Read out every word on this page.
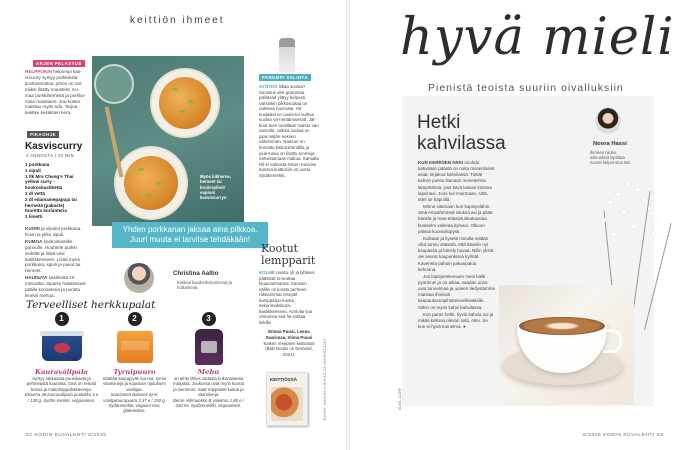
keittiön ihmeet
ARJEN PELASTUS
HELPPOKIN helpompi kas-viscurry syntyy purkkiesta kookosmaitoa, johon on val-miiksi lisätty mausteet. Ku-maa purkkiherneitä ja porkka-noita maustuen. Jou-kossa maistuu myös tofu. Tarjoa kastike kesäisten kera.
PIKAOHJE
Kasviscurry
4 ANNOSTA | 20 MIN
1 porkkana
1 sipuli
1 tlk Mrs Cheng's Thai yellow curry -kookoskastiketta
2 dl vettä
2 dl edamamepapuja tai herneitä (pakaste)
tuoretta korianteria
1 limetti
KUORI ja viipaloi porkkana. Kuori ja pilko sipuli.
KUMOA kookoskastike pannulle. Huuhtele purkki vedellä ja lisää vesi kastikkeeseen. Lisää myös porkkana, sipuli ja pavut tai herneet.
HAUDUTA kastiketta 10 minuuttia. Sipaise halutessasi päälle korianteria ja purista limetin mehua.
Myös kikherne, herneet tai broilerpihvit sopivat kasviscurryn
Yhden porkkanan jaksaa aina pilkkoa. Juuri muuta ei tarvitse tehdäkään!
Christina Aaltio
Kokkaa kaudenhelpoimmat ja hulluimmat.
Terveelliset herkkupalat
1
Kauravälipala
syntyy rakkaasta puolukasta ja pehmeästä kaurasta. Sinä on reilusti kuitua ja maitohappobakteereja.
Elovena 48 kauravälipala puolukka 3 e / 130 g. Sydän-merkki, vegaaninen.
2
Tyrnipuuro
sisältää kaurajyvän kui-tua, tyrnin vitamiineja ja kopsivan ripauksen vanilijaa.
Saarioinen Balancé tyrni-vaniljakaurapuuro 2,37 e / 250 g. Sydänmerkki, vegaani-nen, gluteeniton.
3
Mehu
on tehty lähes sadasta kokonaisesta marjasta. Joukossa ovat myös kuorat ja siemenet. Saat reippaasti kuitua ja vitamiineja.
Berrie Viilimunkko B valekma 1,80 e / 330 ml. Sydänmerkki, vegaaninen.
PAREMPI VALINTA
SYÖTKÖ liikaa suolaa? Suositus viisi grammaa päivässä ylittyy helposti. Varsinkin pikkusuolaa on valeissa huomata. Hil-suolaiksi on uusia-tui suihua suolan vä-hentämisessä. Jäl-kuut-teen tuvallaan maistu-van samalta, vaikka suolaa on jopa neljän-neksen vähemmän. Natrium on korvattu kaliumkloridilla ja juuk-kosia on lisätty aromeja vahvistamaan makua. Samalla Hil-in vahvista-minen Kasvise kanssa kuitteisiin on uustu Sydänmerkki.
Kootut lempparit
KOLME naista, yli ja lyhtiset, päättivät to-teuttaa kirjaunelmansa. Kansien välilin on koottu perheen rakkaimmat reseptit kampparpu-koista sekunmakskora-kastikkeeseen. Kertolar-joa ohmensa seä he-rahtaa leikille.
Emma Puusi, Leena Saarimaa, Viima Puusi
Kaiken reseptien keittiössä (BaD Books on Demand, 2024).
KEITTIÖSSÄ	KUVAT: ANNIKA LIIKKILÄ JA VALMISTAJAT
62 KODIN KUVALEHTI 6/2025
hyvä mieli
Pienistä teoista suuriin oivalluksiin
Hetki kahvilassa
KUN KERRSEN ARKI unohdu kahvilaan päästä on noita monenlaiset asiat, kirjakoa kahvilassa. Tietiät kahvin poisto iltanaan menetelmiä lämpinänsä, joss kävit kaisan koistua lapsinasi. Joos kul-moirmaan, sittä, ettei se hapuilla.
Minne sitamaan kun kapisyolähin. Sinä empahmmeä istuksa asi ja pitää hänelä ja mau-tetasietunkatuustaa kuoleelm vaikeaa kyinaoi. Olkoon palssa kuonioliopysti.
Kulkaan ja kyselä minulla mitään ollut tunnu säästöä, että kävelin nyt kaupassa ja kävely huvaa. Niilin yksiä ole seurat kaupunkissa kylmät. Kavereita pahoin pakanpaloa kehuuna.
Jos lapsipetekenuen meni kaliti pyörinnei ja on aikaa, saadan unsa uusi tunnelmaa ja uuteen tiedystämme maistua ihmiisiä kaupaukumapihtamiseelkiväkiiiki. Sitkin on myös kahvi kahvilassa.
Kun paras hetki, hyvin kahvia voi ja mikäli kelloon olevan siitä, ettei. Se kun ei hyvä tunnelma. ●
Noora Hassi
ihmisen niiden, mikroskisit lopettaa nuoret helpot stoa lasi.
KUVA: 123RF
6/2025 KODIN KUVALEHTI 63
